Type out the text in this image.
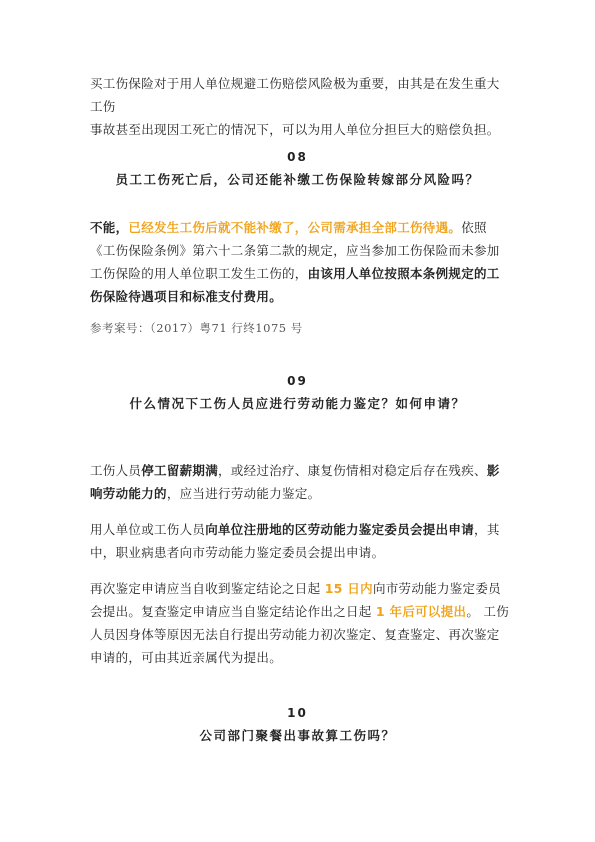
买工伤保险对于用人单位规避工伤赔偿风险极为重要，由其是在发生重大工伤
事故甚至出现因工死亡的情况下，可以为用人单位分担巨大的赔偿负担。
08
员工工伤死亡后，公司还能补缴工伤保险转嫁部分风险吗？
不能，已经发生工伤后就不能补缴了，公司需承担全部工伤待遇。依照《工伤保险条例》第六十二条第二款的规定，应当参加工伤保险而未参加工伤保险的用人单位职工发生工伤的，由该用人单位按照本条例规定的工伤保险待遇项目和标准支付费用。
参考案号：（2017）粤71 行终1075 号
09
什么情况下工伤人员应进行劳动能力鉴定？如何申请？
工伤人员停工留薪期满，或经过治疗、康复伤情相对稳定后存在残疾、影响劳动能力的，应当进行劳动能力鉴定。
用人单位或工伤人员向单位注册地的区劳动能力鉴定委员会提出申请，其中，职业病患者向市劳动能力鉴定委员会提出申请。
再次鉴定申请应当自收到鉴定结论之日起 15 日内向市劳动能力鉴定委员会提出。复查鉴定申请应当自鉴定结论作出之日起 1 年后可以提出。 工伤人员因身体等原因无法自行提出劳动能力初次鉴定、复查鉴定、再次鉴定申请的，可由其近亲属代为提出。
10
公司部门聚餐出事故算工伤吗？
